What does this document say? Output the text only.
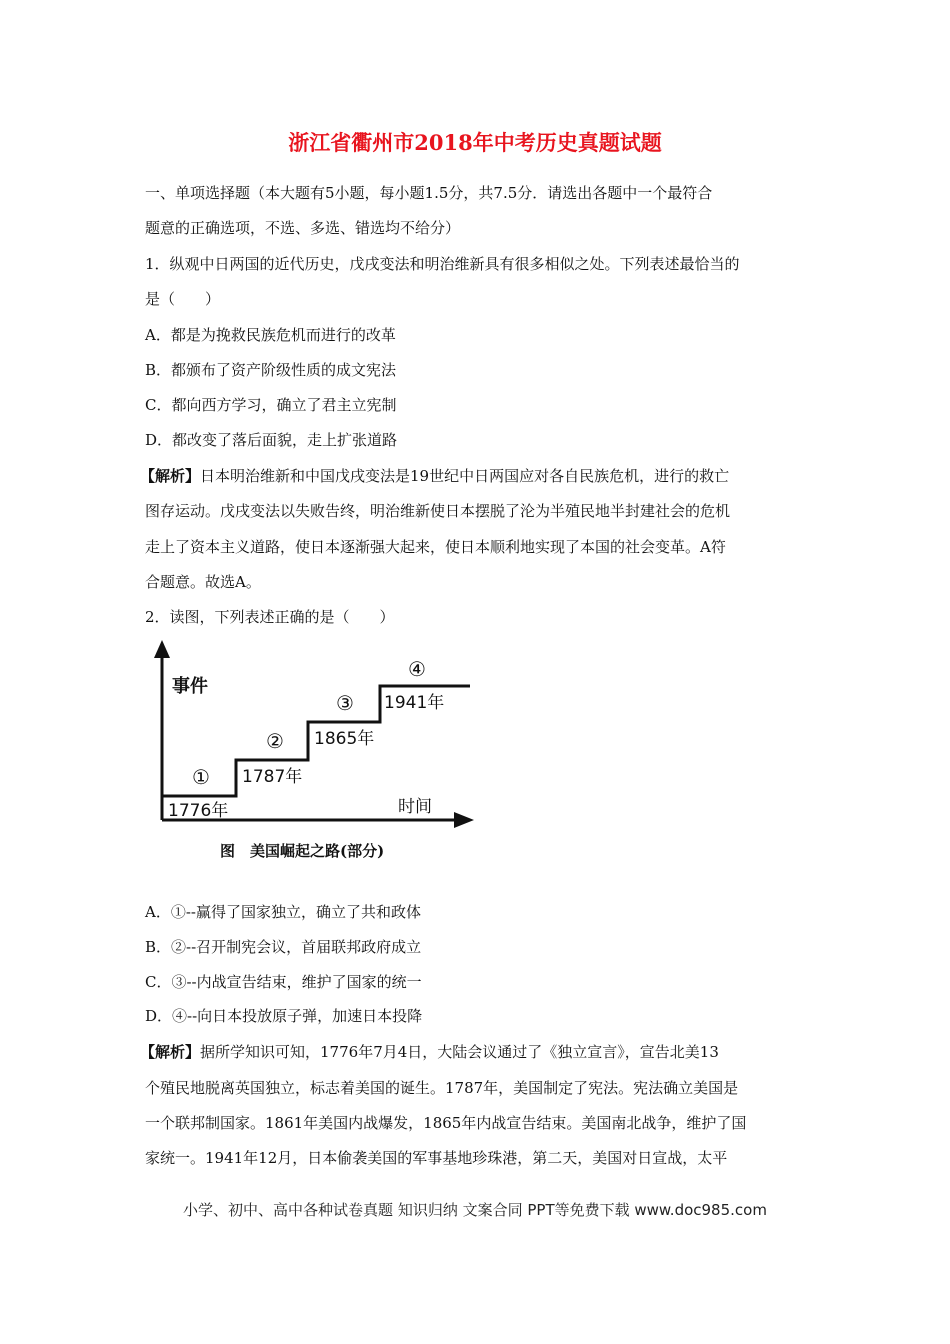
浙江省衢州市2018年中考历史真题试题
一、单项选择题（本大题有5小题，每小题1.5分，共7.5分．请选出各题中一个最符合
题意的正确选项，不选、多选、错选均不给分）
1．纵观中日两国的近代历史，戊戌变法和明治维新具有很多相似之处。下列表述最恰当的
是（　　）
A．都是为挽救民族危机而进行的改革
B．都颁布了资产阶级性质的成文宪法
C．都向西方学习，确立了君主立宪制
D．都改变了落后面貌，走上扩张道路
【解析】日本明治维新和中国戊戌变法是19世纪中日两国应对各自民族危机，进行的救亡
图存运动。戊戌变法以失败告终，明治维新使日本摆脱了沦为半殖民地半封建社会的危机
走上了资本主义道路，使日本逐渐强大起来，使日本顺利地实现了本国的社会变革。A符
合题意。故选A。
2．读图，下列表述正确的是（　　）
事件
时间
①
1776年
②
1787年
③
1865年
④
1941年
图　美国崛起之路(部分)
A．①--赢得了国家独立，确立了共和政体
B．②--召开制宪会议，首届联邦政府成立
C．③--内战宣告结束，维护了国家的统一
D．④--向日本投放原子弹，加速日本投降
【解析】据所学知识可知，1776年7月4日，大陆会议通过了《独立宣言》，宣告北美13
个殖民地脱离英国独立，标志着美国的诞生。1787年，美国制定了宪法。宪法确立美国是
一个联邦制国家。1861年美国内战爆发，1865年内战宣告结束。美国南北战争，维护了国
家统一。1941年12月，日本偷袭美国的军事基地珍珠港，第二天，美国对日宣战，太平
小学、初中、高中各种试卷真题 知识归纳 文案合同 PPT等免费下载 www.doc985.com
